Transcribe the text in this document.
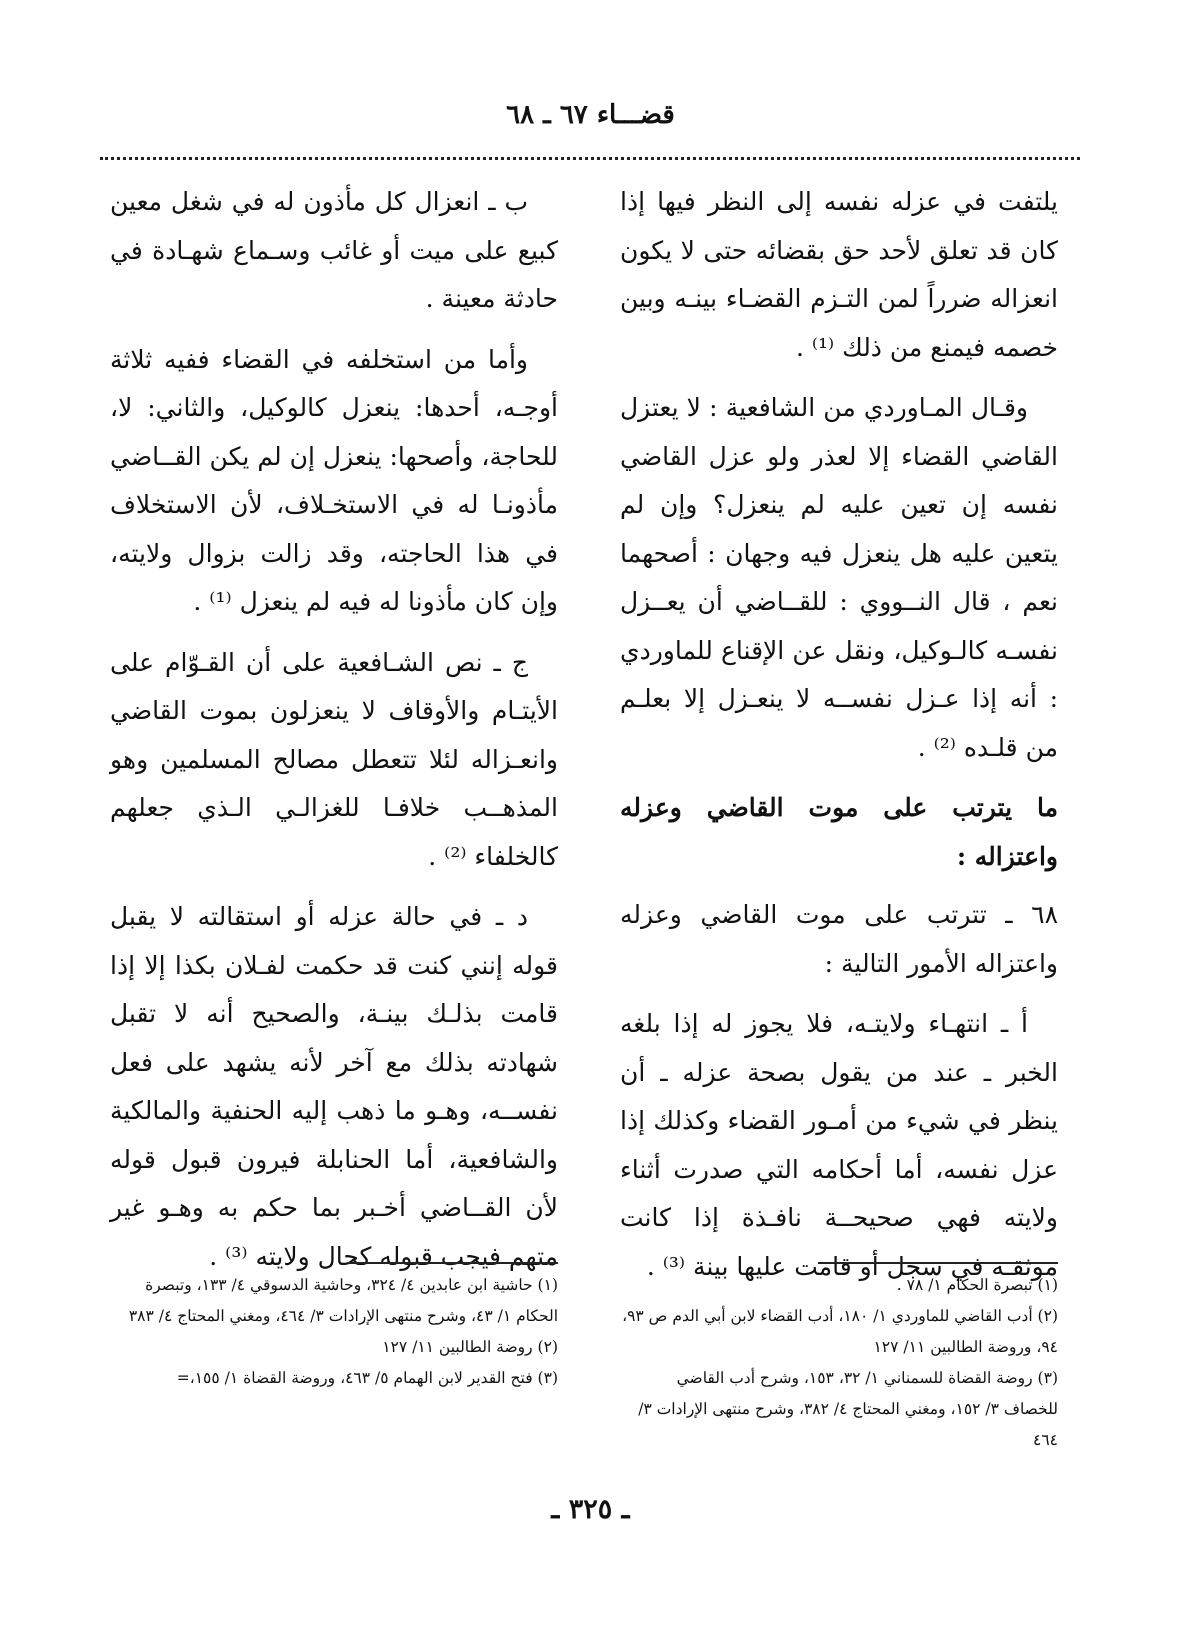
قضـــاء ٦٧ ـ ٦٨

يلتفت في عزله نفسه إلى النظر فيها إذا كان قد تعلق لأحد حق بقضائه حتى لا يكون انعزاله ضرراً لمن التـزم القضـاء بينـه وبين خصمه فيمنع من ذلك ⁽¹⁾ .

وقـال المـاوردي من الشافعية : لا يعتزل القاضي القضاء إلا لعذر ولو عزل القاضي نفسه إن تعين عليه لم ينعزل؟ وإن لم يتعين عليه هل ينعزل فيه وجهان : أصحهما نعم ، قال النــووي : للقــاضي أن يعــزل نفسـه كالـوكيل، ونقل عن الإقناع للماوردي : أنه إذا عـزل نفســه لا ينعـزل إلا بعلـم من قلـده ⁽²⁾ .

ما يترتب على موت القاضي وعزله واعتزاله :

٦٨ ـ تترتب على موت القاضي وعزله واعتزاله الأمور التالية :

أ ـ انتهـاء ولايتـه، فلا يجوز له إذا بلغه الخبر ـ عند من يقول بصحة عزله ـ أن ينظر في شيء من أمـور القضاء وكذلك إذا عزل نفسه، أما أحكامه التي صدرت أثناء ولايته فهي صحيحــة نافـذة إذا كانت موثقـة في سجل أو قامت عليها بينة ⁽³⁾ .

ب ـ انعزال كل مأذون له في شغل معين كبيع على ميت أو غائب وسـماع شهـادة في حادثة معينة .

وأما من استخلفه في القضاء ففيه ثلاثة أوجـه، أحدها: ينعزل كالوكيل، والثاني: لا، للحاجة، وأصحها: ينعزل إن لم يكن القــاضي مأذونـا له في الاستخـلاف، لأن الاستخلاف في هذا الحاجته، وقد زالت بزوال ولايته، وإن كان مأذونا له فيه لم ينعزل ⁽¹⁾ .

ج ـ نص الشـافعية على أن القـوّام على الأيتـام والأوقاف لا ينعزلون بموت القاضي وانعـزاله لئلا تتعطل مصالح المسلمين وهو المذهــب خلافـا للغزالـي الـذي جعلهم كالخلفاء ⁽²⁾ .

د ـ في حالة عزله أو استقالته لا يقبل قوله إنني كنت قد حكمت لفـلان بكذا إلا إذا قامت بذلـك بينـة، والصحيح أنه لا تقبل شهادته بذلك مع آخر لأنه يشهد على فعل نفســه، وهـو ما ذهب إليه الحنفية والمالكية والشافعية، أما الحنابلة فيرون قبول قوله لأن القــاضي أخـبر بما حكم به وهـو غير متهم فيجب قبوله كحال ولايته ⁽³⁾ .

(١) تبصرة الحكام ١/ ٧٨ .

(٢) أدب القاضي للماوردي ١/ ١٨٠، أدب القضاء لابن أبي الدم ص ٩٣، ٩٤، وروضة الطالبين ١١/ ١٢٧

(٣) روضة القضاة للسمناني ١/ ٣٢، ١٥٣، وشرح أدب القاضي للخصاف ٣/ ١٥٢، ومغني المحتاج ٤/ ٣٨٢، وشرح منتهى الإرادات ٣/ ٤٦٤

(١) حاشية ابن عابدين ٤/ ٣٢٤، وحاشية الدسوقي ٤/ ١٣٣، وتبصرة الحكام ١/ ٤٣، وشرح منتهى الإرادات ٣/ ٤٦٤، ومغني المحتاج ٤/ ٣٨٣

(٢) روضة الطالبين ١١/ ١٢٧

(٣) فتح القدير لابن الهمام ٥/ ٤٦٣، وروضة القضاة ١/ ١٥٥،=

ـ ٣٢٥ ـ
